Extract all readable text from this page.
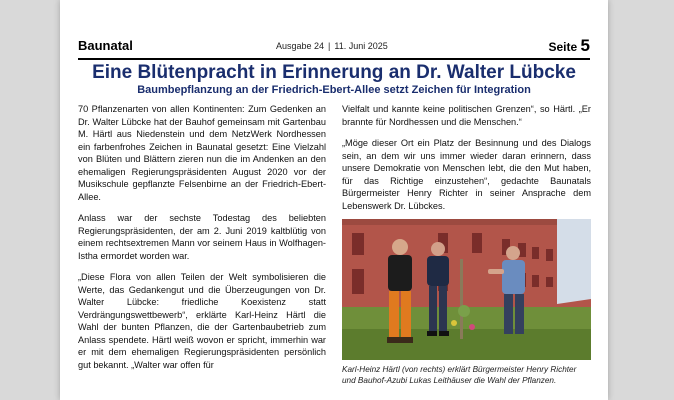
Baunatal	Ausgabe 24 | 11. Juni 2025	Seite 5
Eine Blütenpracht in Erinnerung an Dr. Walter Lübcke
Baumbepflanzung an der Friedrich-Ebert-Allee setzt Zeichen für Integration

70 Pflanzenarten von allen Kontinenten: Zum Gedenken an Dr. Walter Lübcke hat der Bauhof gemeinsam mit Gartenbau M. Härtl aus Niedenstein und dem NetzWerk Nordhessen ein farbenfrohes Zeichen in Baunatal gesetzt: Eine Vielzahl von Blüten und Blättern zieren nun die im Andenken an den ehemaligen Regierungspräsidenten August 2020 vor der Musikschule gepflanzte Felsenbirne an der Friedrich-Ebert-Allee.

Anlass war der sechste Todestag des beliebten Regierungspräsidenten, der am 2. Juni 2019 kaltblütig von einem rechtsextremen Mann vor seinem Haus in Wolfhagen-Istha ermordet worden war.

„Diese Flora von allen Teilen der Welt symbolisieren die Werte, das Gedankengut und die Überzeugungen von Dr. Walter Lübcke: friedliche Koexistenz statt Verdrängungswettbewerb“, erklärte Karl-Heinz Härtl die Wahl der bunten Pflanzen, die der Gartenbaubetrieb zum Anlass spendete. Härtl weiß wovon er spricht, immerhin war er mit dem ehemaligen Regierungspräsidenten persönlich gut bekannt. „Walter war offen für

Vielfalt und kannte keine politischen Grenzen“, so Härtl. „Er brannte für Nordhessen und die Menschen.“

„Möge dieser Ort ein Platz der Besinnung und des Dialogs sein, an dem wir uns immer wieder daran erinnern, dass unsere Demokratie von Menschen lebt, die den Mut haben, für das Richtige einzustehen“, gedachte Baunatals Bürgermeister Henry Richter in seiner Ansprache dem Lebenswerk Dr. Lübckes.

Karl-Heinz Härtl (von rechts) erklärt Bürgermeister Henry Richter und Bauhof-Azubi Lukas Leithäuser die Wahl der Pflanzen.
